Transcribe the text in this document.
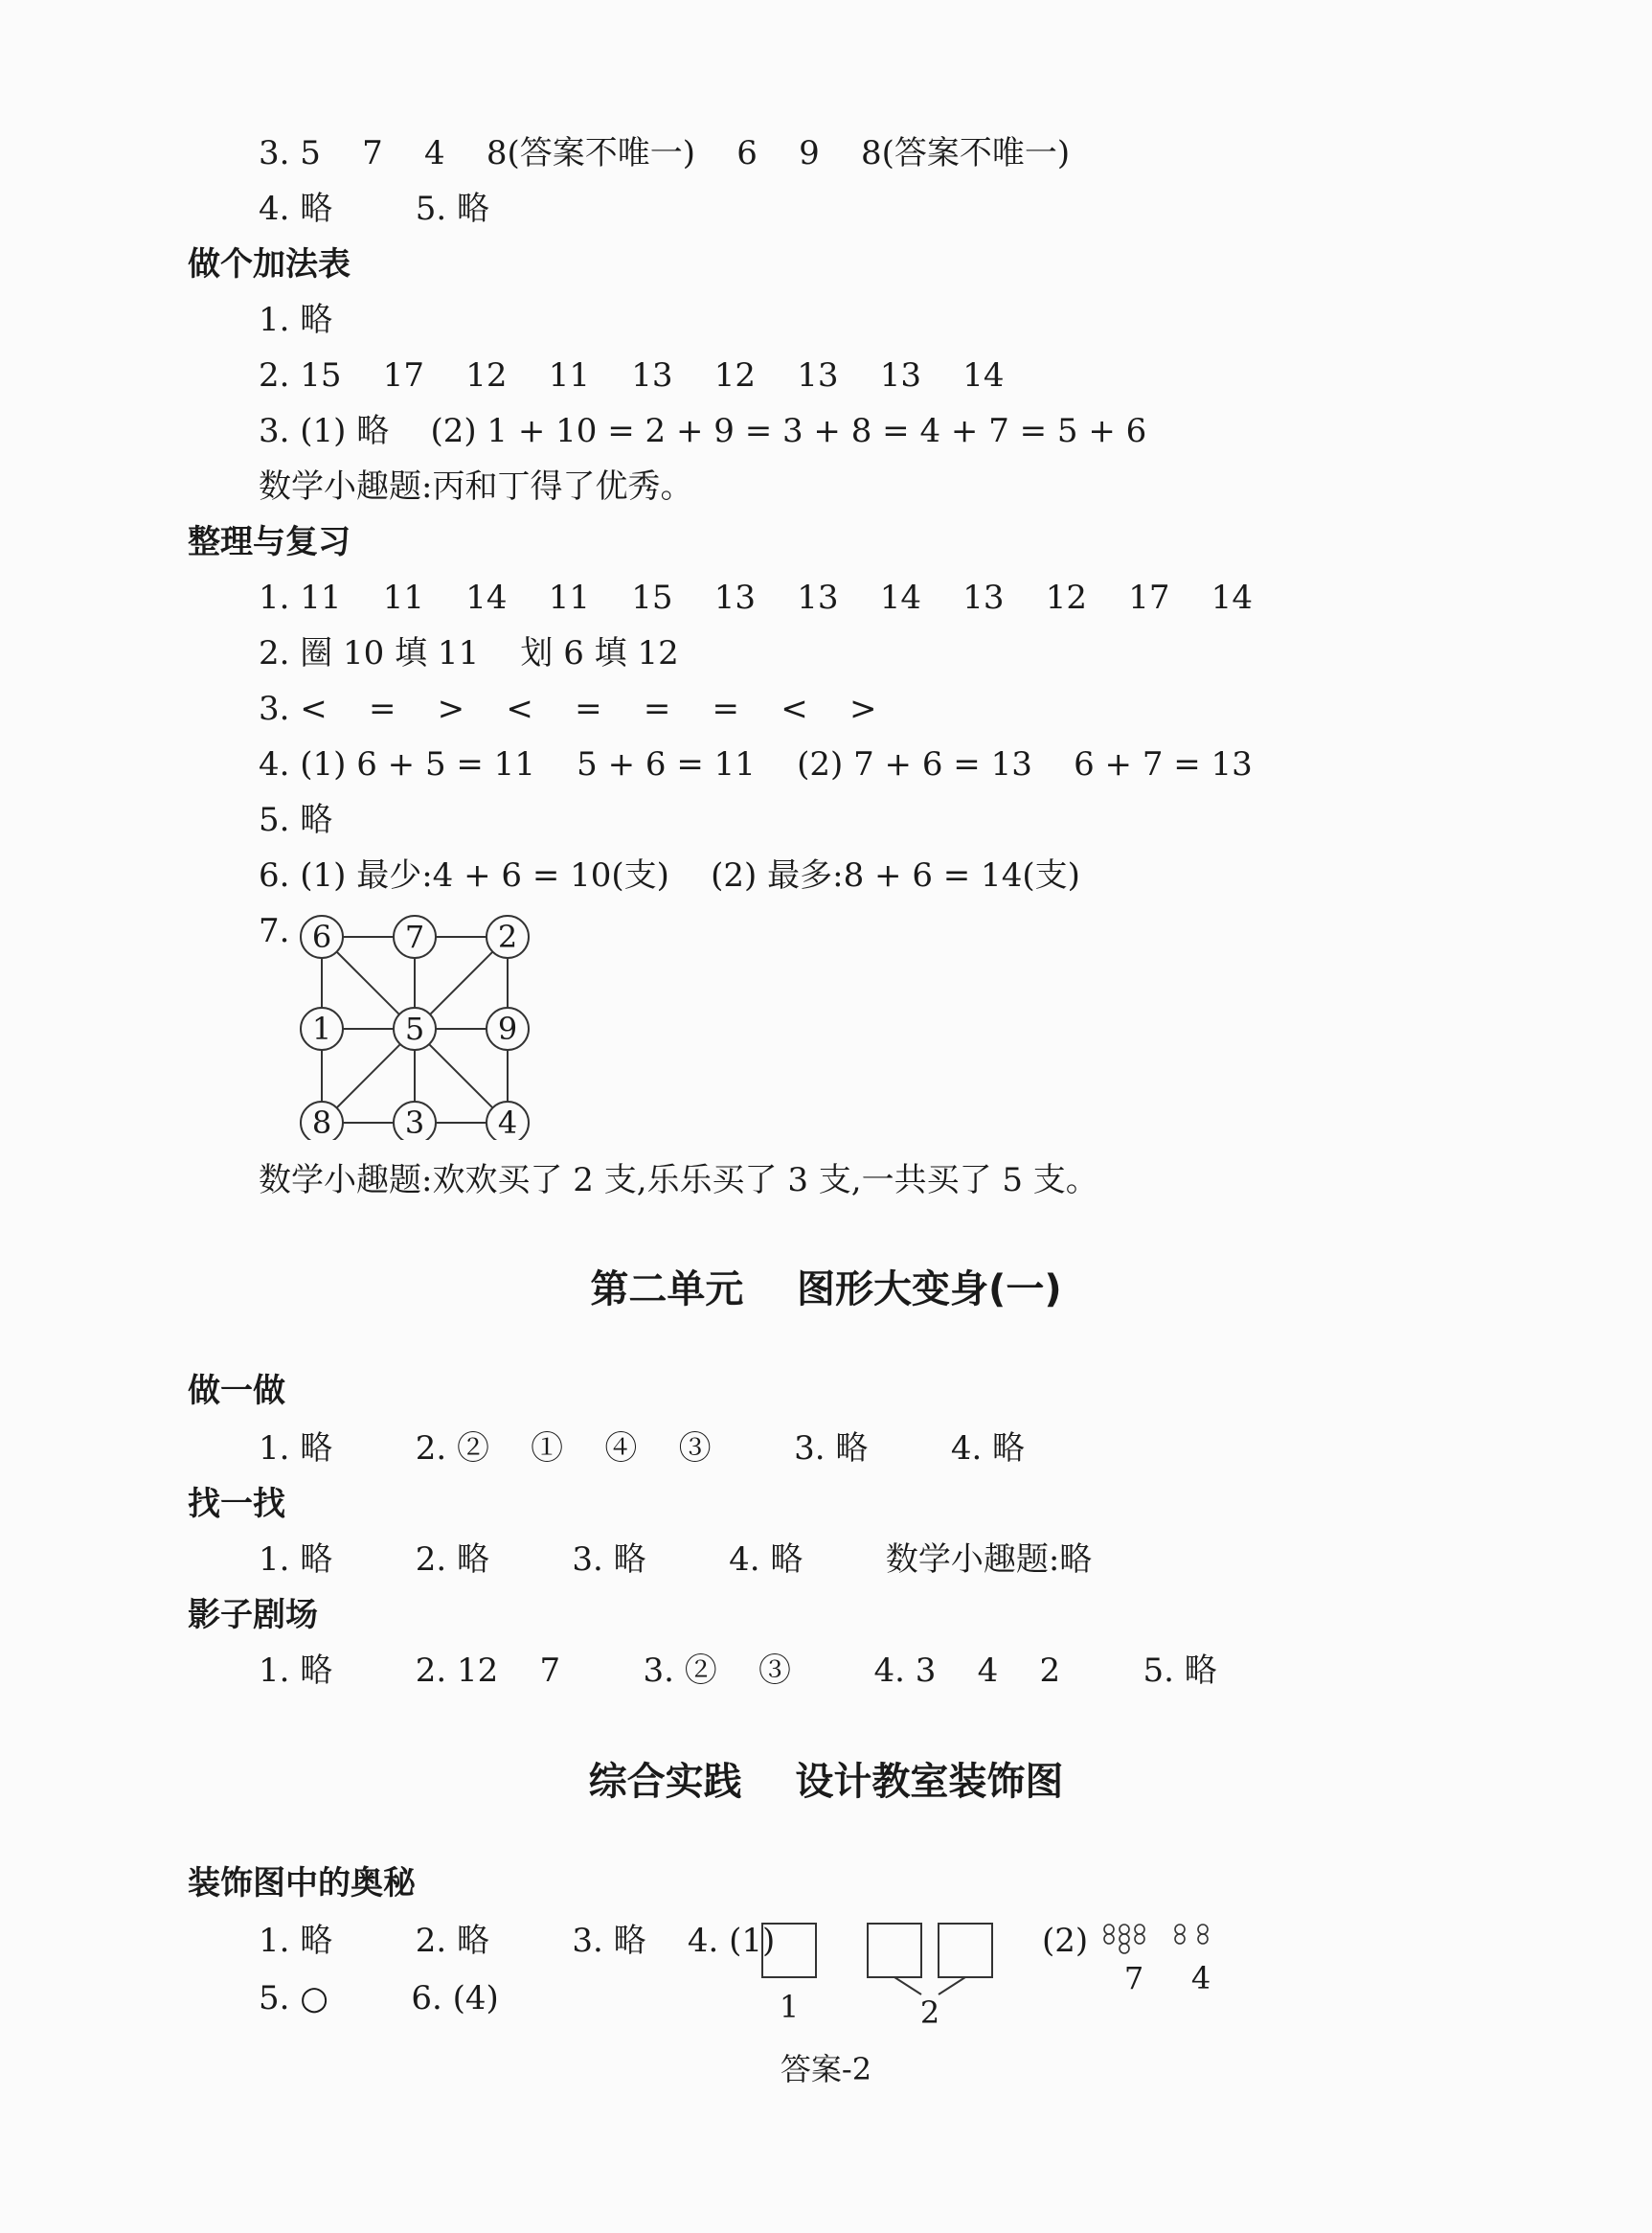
3. 5    7    4    8(答案不唯一)    6    9    8(答案不唯一)
4. 略        5. 略
做个加法表
1. 略
2. 15    17    12    11    13    12    13    13    14
3. (1) 略    (2) 1 + 10 = 2 + 9 = 3 + 8 = 4 + 7 = 5 + 6
数学小趣题:丙和丁得了优秀。
整理与复习
1. 11    11    14    11    15    13    13    14    13    12    17    14
2. 圈 10 填 11    划 6 填 12
3. <    =    >    <    =    =    =    <    >
4. (1) 6 + 5 = 11    5 + 6 = 11    (2) 7 + 6 = 13    6 + 7 = 13
5. 略
6. (1) 最少:4 + 6 = 10(支)    (2) 最多:8 + 6 = 14(支)
7. 6 7 2
1 5 9
8 3 4
数学小趣题:欢欢买了 2 支,乐乐买了 3 支,一共买了 5 支。
第二单元    图形大变身(一)
做一做
1. 略        2. ②    ①    ④    ③        3. 略        4. 略
找一找
1. 略        2. 略        3. 略        4. 略        数学小趣题:略
影子剧场
1. 略        2. 12    7        3. ②    ③        4. 3    4    2        5. 略
综合实践    设计教室装饰图
装饰图中的奥秘
1. 略        2. 略        3. 略    4. (1)
1	2
(2)
7 4
5. ○        6. (4)
答案-2
